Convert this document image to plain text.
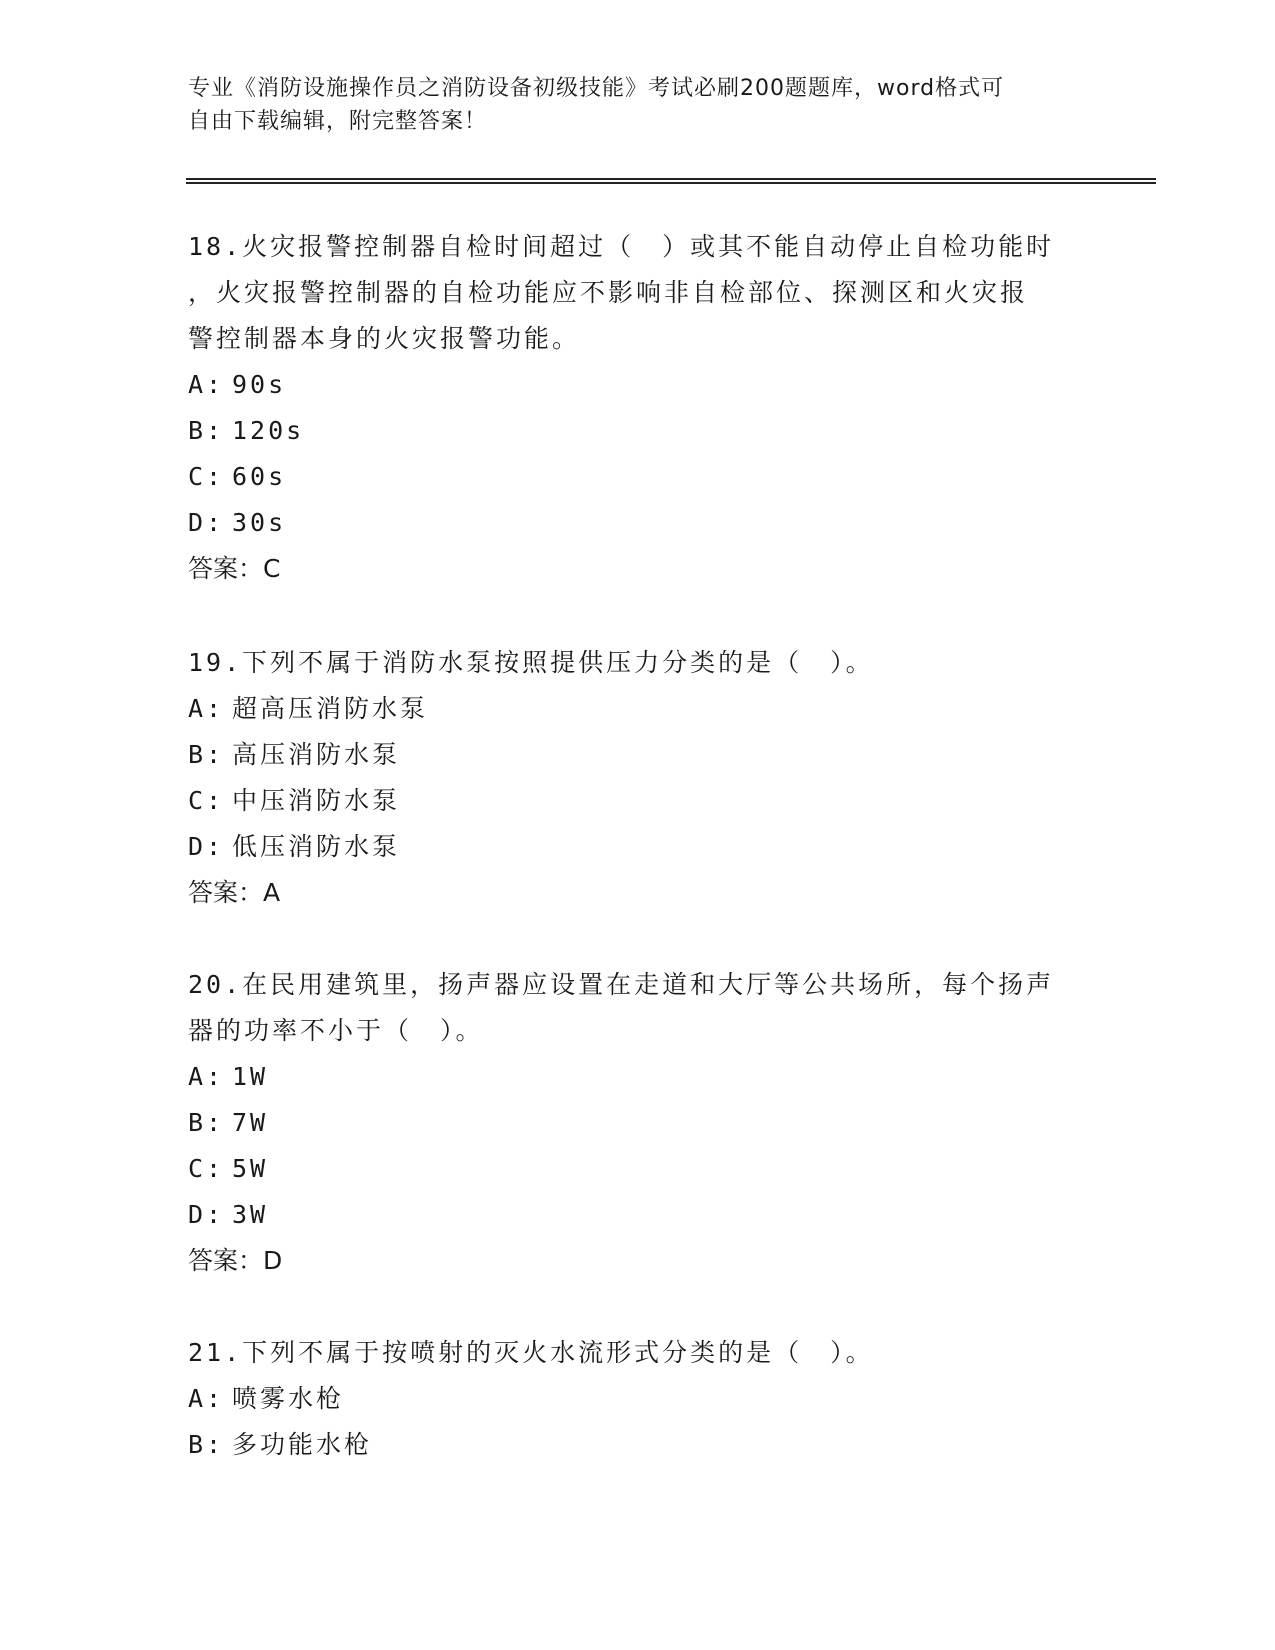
专业《消防设施操作员之消防设备初级技能》考试必刷200题题库，word格式可
自由下载编辑，附完整答案！

18.火灾报警控制器自检时间超过（　）或其不能自动停止自检功能时

，火灾报警控制器的自检功能应不影响非自检部位、探测区和火灾报

警控制器本身的火灾报警功能。

A: 90s

B: 120s

C: 60s

D: 30s

答案：C

19.下列不属于消防水泵按照提供压力分类的是（　）。

A: 超高压消防水泵

B: 高压消防水泵

C: 中压消防水泵

D: 低压消防水泵

答案：A

20.在民用建筑里，扬声器应设置在走道和大厅等公共场所，每个扬声

器的功率不小于（　）。

A: 1W

B: 7W

C: 5W

D: 3W

答案：D

21.下列不属于按喷射的灭火水流形式分类的是（　）。

A: 喷雾水枪

B: 多功能水枪
